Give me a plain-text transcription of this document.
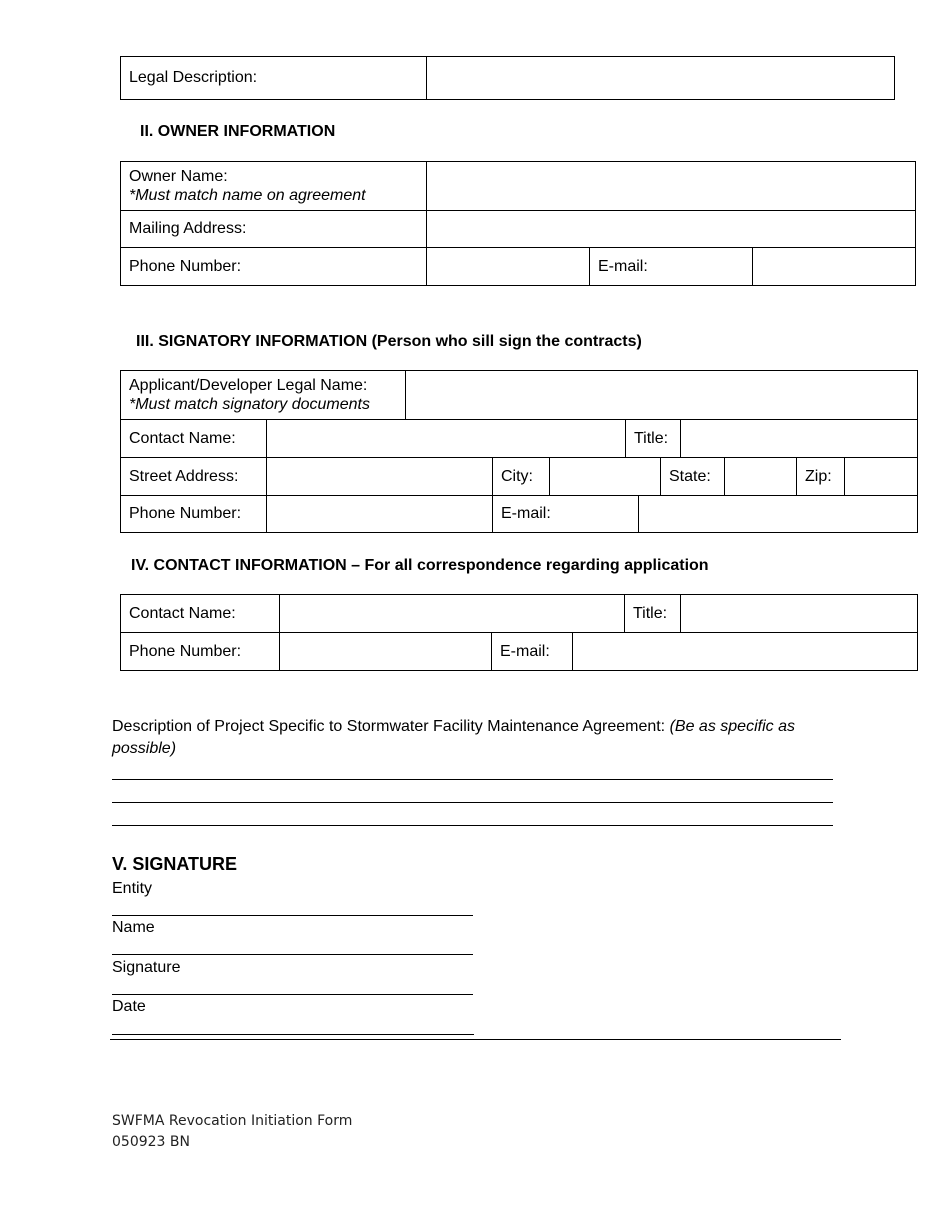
Legal Description:	
II. OWNER INFORMATION
Owner Name:
*Must match name on agreement			

Mailing Address:			
Phone Number:		E-mail:	
III. SIGNATORY INFORMATION (Person who sill sign the contracts)
Applicant/Developer Legal Name:
*Must match signatory documents

Contact Name:		Title:	
Street Address:		City:		State:		Zip:	
Phone Number:		E-mail:	
IV. CONTACT INFORMATION – For all correspondence regarding application
Contact Name:		Title:	
Phone Number:		E-mail:	
Description of Project Specific to Stormwater Facility Maintenance Agreement: (Be as specific as possible)
V. SIGNATURE
Entity
Name
Signature
Date
SWFMA Revocation Initiation Form
050923 BN
